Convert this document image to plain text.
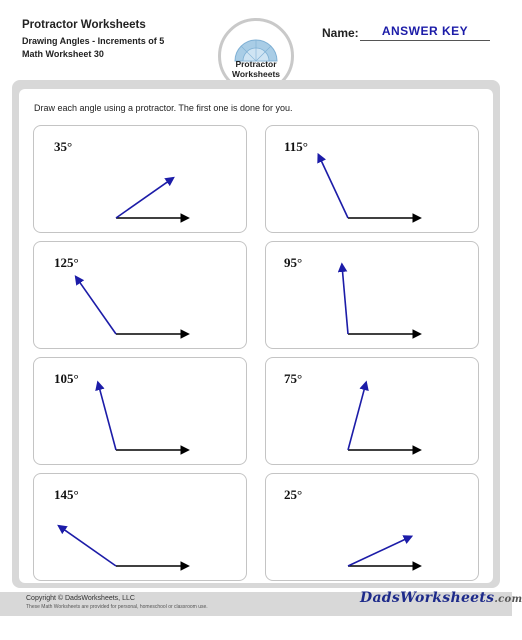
Protractor Worksheets
Drawing Angles - Increments of 5
Math Worksheet 30
Protractor
Worksheets
Name:	ANSWER KEY
Draw each angle using a protractor. The first one is done for you.
35°	115°
125°	95°
105°	75°
145°	25°
Copyright © DadsWorksheets, LLC
These Math Worksheets are provided for personal, homeschool or classroom use.
DadsWorksheets.com
